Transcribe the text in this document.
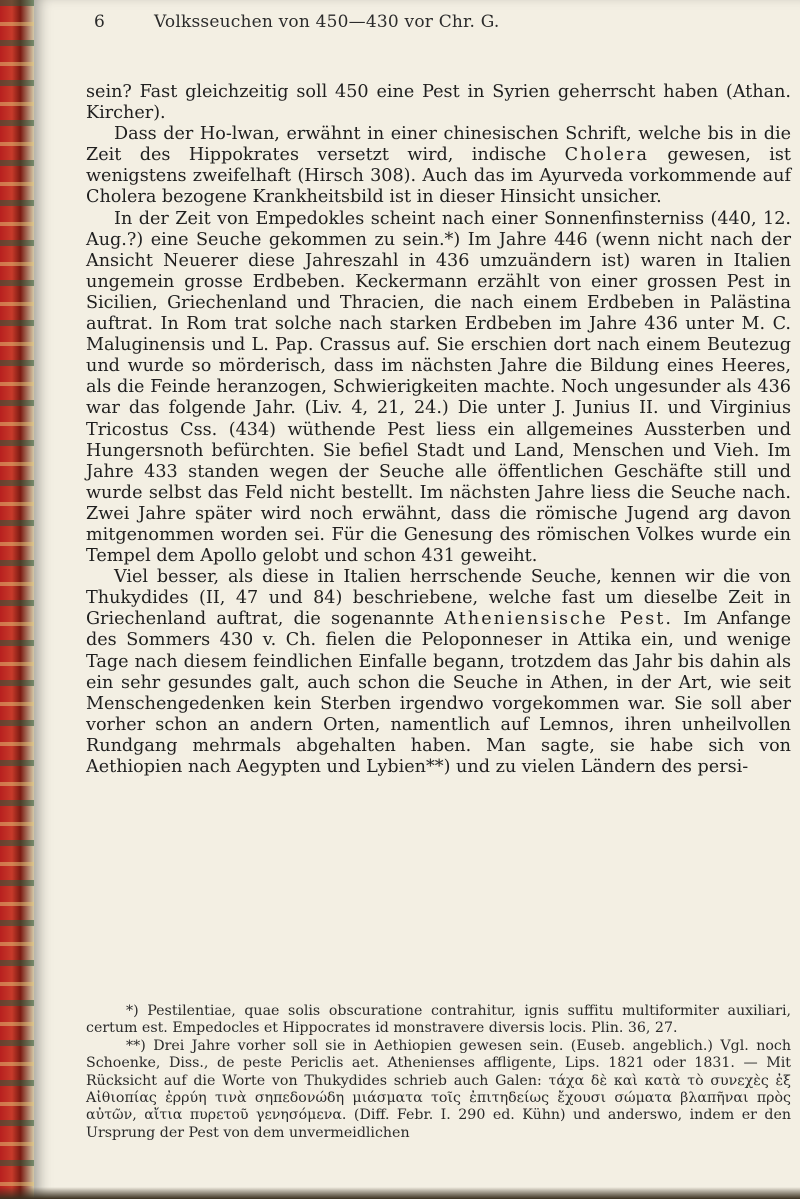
6	Volksseuchen von 450—430 vor Chr. G.

sein? Fast gleichzeitig soll 450 eine Pest in Syrien geherrscht haben (Athan. Kircher).

Dass der Ho-lwan, erwähnt in einer chinesischen Schrift, welche bis in die Zeit des Hippokrates versetzt wird, indische Cholera gewesen, ist wenigstens zweifelhaft (Hirsch 308). Auch das im Ayurveda vorkommende auf Cholera bezogene Krankheitsbild ist in dieser Hinsicht unsicher.

In der Zeit von Empedokles scheint nach einer Sonnenfinsterniss (440, 12. Aug.?) eine Seuche gekommen zu sein.*) Im Jahre 446 (wenn nicht nach der Ansicht Neuerer diese Jahreszahl in 436 umzuändern ist) waren in Italien ungemein grosse Erdbeben. Keckermann erzählt von einer grossen Pest in Sicilien, Griechenland und Thracien, die nach einem Erdbeben in Palästina auftrat. In Rom trat solche nach starken Erdbeben im Jahre 436 unter M. C. Maluginensis und L. Pap. Crassus auf. Sie erschien dort nach einem Beutezug und wurde so mörderisch, dass im nächsten Jahre die Bildung eines Heeres, als die Feinde heranzogen, Schwierigkeiten machte. Noch ungesunder als 436 war das folgende Jahr. (Liv. 4, 21, 24.) Die unter J. Junius II. und Virginius Tricostus Css. (434) wüthende Pest liess ein allgemeines Aussterben und Hungersnoth befürchten. Sie befiel Stadt und Land, Menschen und Vieh. Im Jahre 433 standen wegen der Seuche alle öffentlichen Geschäfte still und wurde selbst das Feld nicht bestellt. Im nächsten Jahre liess die Seuche nach. Zwei Jahre später wird noch erwähnt, dass die römische Jugend arg davon mitgenommen worden sei. Für die Genesung des römischen Volkes wurde ein Tempel dem Apollo gelobt und schon 431 geweiht.

Viel besser, als diese in Italien herrschende Seuche, kennen wir die von Thukydides (II, 47 und 84) beschriebene, welche fast um dieselbe Zeit in Griechenland auftrat, die sogenannte Atheniensische Pest. Im Anfange des Sommers 430 v. Ch. fielen die Peloponneser in Attika ein, und wenige Tage nach diesem feindlichen Einfalle begann, trotzdem das Jahr bis dahin als ein sehr gesundes galt, auch schon die Seuche in Athen, in der Art, wie seit Menschengedenken kein Sterben irgendwo vorgekommen war. Sie soll aber vorher schon an andern Orten, namentlich auf Lemnos, ihren unheilvollen Rundgang mehrmals abgehalten haben. Man sagte, sie habe sich von Aethiopien nach Aegypten und Lybien**) und zu vielen Ländern des persi-

*) Pestilentiae, quae solis obscuratione contrahitur, ignis suffitu multiformiter auxiliari, certum est. Empedocles et Hippocrates id monstravere diversis locis. Plin. 36, 27.

**) Drei Jahre vorher soll sie in Aethiopien gewesen sein. (Euseb. angeblich.) Vgl. noch Schoenke, Diss., de peste Periclis aet. Athenienses affligente, Lips. 1821 oder 1831. — Mit Rücksicht auf die Worte von Thukydides schrieb auch Galen: τάχα δὲ καὶ κατὰ τὸ συνεχὲς ἐξ Αἰθιοπίας ἐρρύη τινὰ σηπεδονώδη μιάσματα τοῖς ἐπιτηδείως ἔχουσι σώματα βλαπῆναι πρὸς αὐτῶν, αἴτια πυρετοῦ γενησόμενα. (Diff. Febr. I. 290 ed. Kühn) und anderswo, indem er den Ursprung der Pest von dem unvermeidlichen
